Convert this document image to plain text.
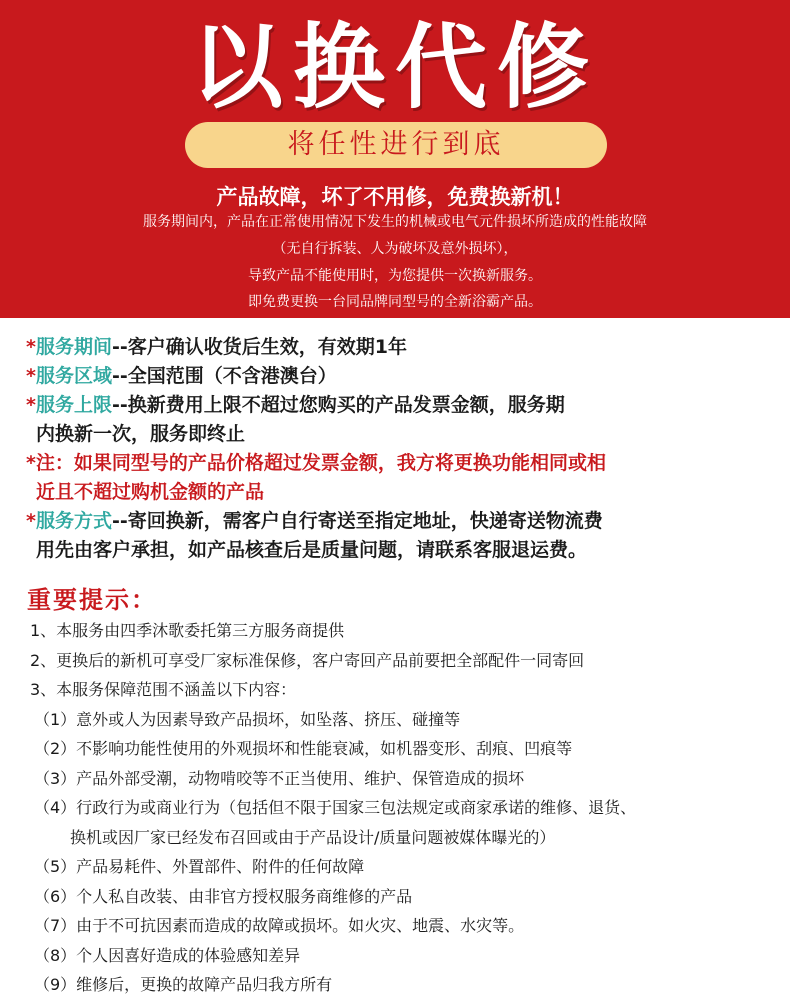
以换代修
将任性进行到底
产品故障，坏了不用修，免费换新机！
服务期间内，产品在正常使用情况下发生的机械或电气元件损坏所造成的性能故障
（无自行拆装、人为破坏及意外损坏），
导致产品不能使用时，为您提供一次换新服务。
即免费更换一台同品牌同型号的全新浴霸产品。
*服务期间--客户确认收货后生效，有效期1年
*服务区域--全国范围（不含港澳台）
*服务上限--换新费用上限不超过您购买的产品发票金额，服务期
内换新一次，服务即终止
*注：如果同型号的产品价格超过发票金额，我方将更换功能相同或相
近且不超过购机金额的产品
*服务方式--寄回换新，需客户自行寄送至指定地址，快递寄送物流费
用先由客户承担，如产品核查后是质量问题，请联系客服退运费。
重要提示：
1、本服务由四季沐歌委托第三方服务商提供
2、更换后的新机可享受厂家标准保修，客户寄回产品前要把全部配件一同寄回
3、本服务保障范围不涵盖以下内容：
（1）意外或人为因素导致产品损坏，如坠落、挤压、碰撞等
（2）不影响功能性使用的外观损坏和性能衰减，如机器变形、刮痕、凹痕等
（3）产品外部受潮，动物啃咬等不正当使用、维护、保管造成的损坏
（4）行政行为或商业行为（包括但不限于国家三包法规定或商家承诺的维修、退货、
换机或因厂家已经发布召回或由于产品设计/质量问题被媒体曝光的）
（5）产品易耗件、外置部件、附件的任何故障
（6）个人私自改装、由非官方授权服务商维修的产品
（7）由于不可抗因素而造成的故障或损坏。如火灾、地震、水灾等。
（8）个人因喜好造成的体验感知差异
（9）维修后，更换的故障产品归我方所有
